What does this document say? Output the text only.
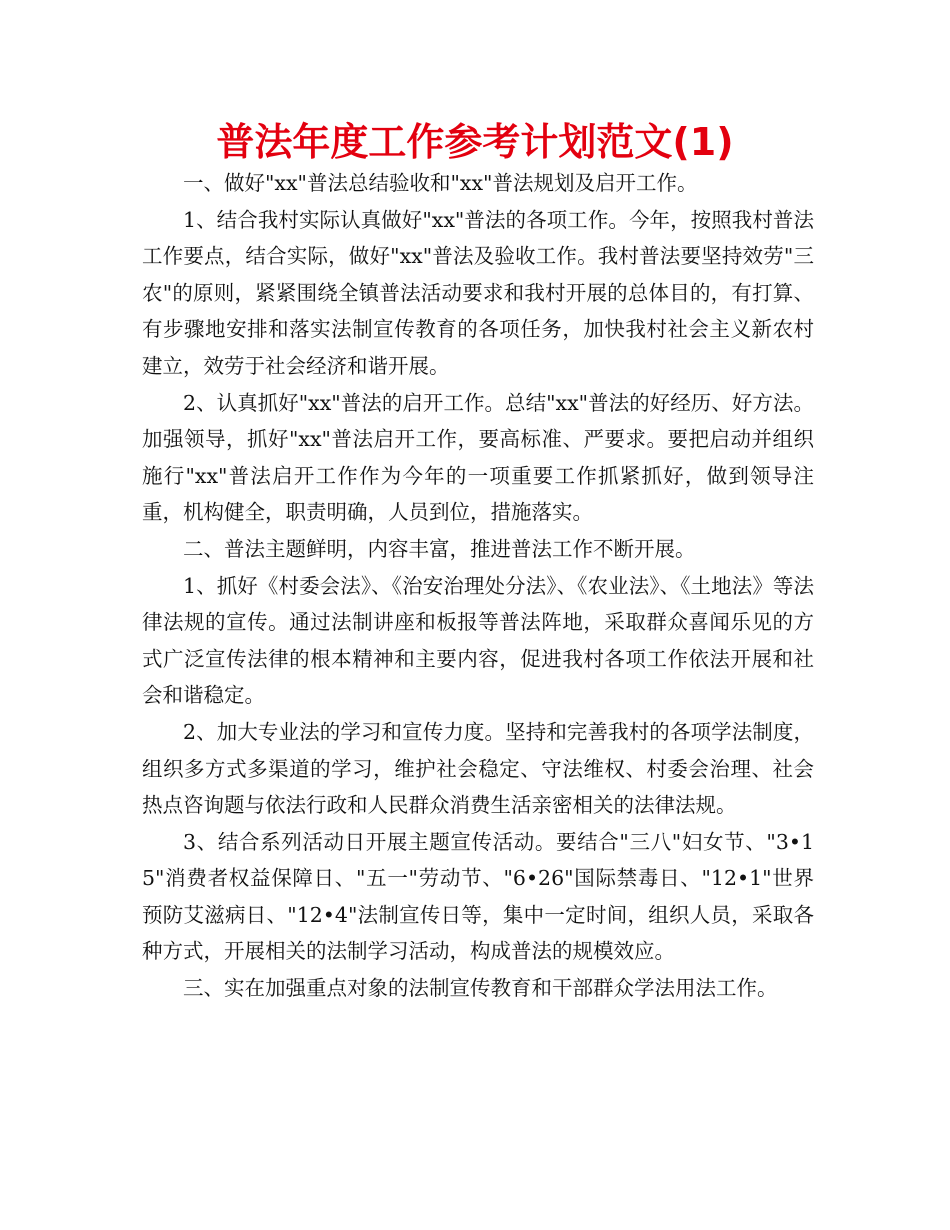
普法年度工作参考计划范文(1)

一、做好"xx"普法总结验收和"xx"普法规划及启开工作。

1、结合我村实际认真做好"xx"普法的各项工作。今年，按照我村普法工作要点，结合实际，做好"xx"普法及验收工作。我村普法要坚持效劳"三农"的原则，紧紧围绕全镇普法活动要求和我村开展的总体目的，有打算、有步骤地安排和落实法制宣传教育的各项任务，加快我村社会主义新农村建立，效劳于社会经济和谐开展。

2、认真抓好"xx"普法的启开工作。总结"xx"普法的好经历、好方法。加强领导，抓好"xx"普法启开工作，要高标准、严要求。要把启动并组织施行"xx"普法启开工作作为今年的一项重要工作抓紧抓好，做到领导注重，机构健全，职责明确，人员到位，措施落实。

二、普法主题鲜明，内容丰富，推进普法工作不断开展。

1、抓好《村委会法》、《治安治理处分法》、《农业法》、《土地法》等法律法规的宣传。通过法制讲座和板报等普法阵地，采取群众喜闻乐见的方式广泛宣传法律的根本精神和主要内容，促进我村各项工作依法开展和社会和谐稳定。

2、加大专业法的学习和宣传力度。坚持和完善我村的各项学法制度，组织多方式多渠道的学习，维护社会稳定、守法维权、村委会治理、社会热点咨询题与依法行政和人民群众消费生活亲密相关的法律法规。

3、结合系列活动日开展主题宣传活动。要结合"三八"妇女节、"3•15"消费者权益保障日、"五一"劳动节、"6•26"国际禁毒日、"12•1"世界预防艾滋病日、"12•4"法制宣传日等，集中一定时间，组织人员，采取各种方式，开展相关的法制学习活动，构成普法的规模效应。

三、实在加强重点对象的法制宣传教育和干部群众学法用法工作。
